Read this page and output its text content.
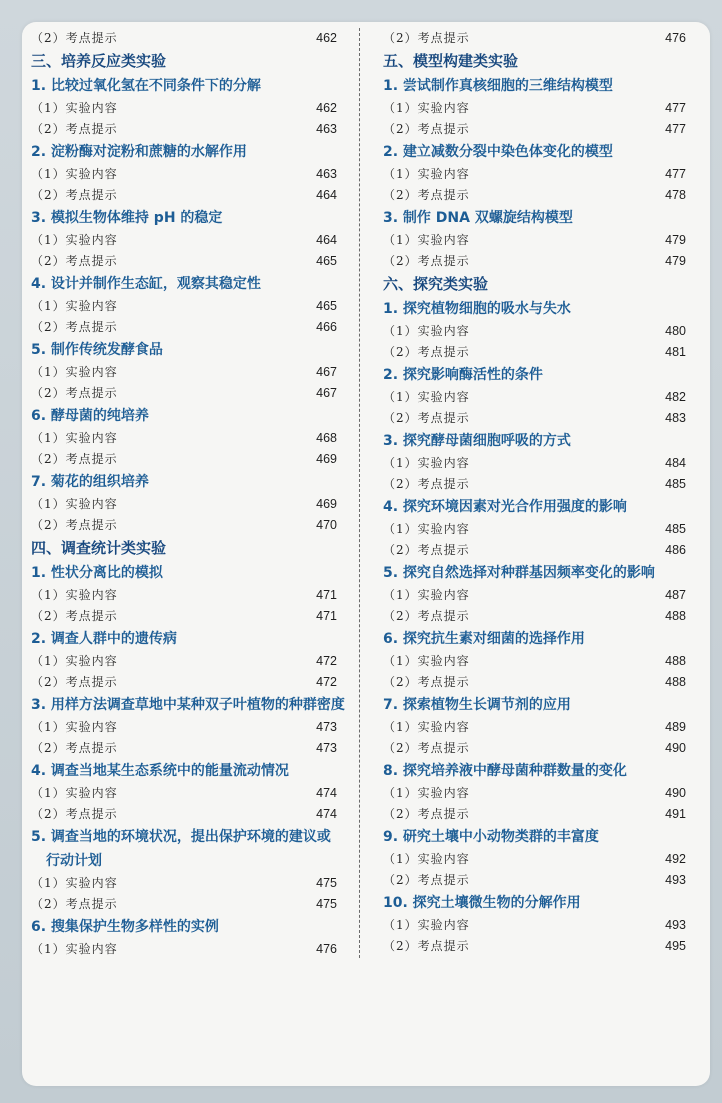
（2）考点提示	462
三、培养反应类实验
1. 比较过氧化氢在不同条件下的分解
（1）实验内容	462
（2）考点提示	463
2. 淀粉酶对淀粉和蔗糖的水解作用
（1）实验内容	463
（2）考点提示	464
3. 模拟生物体维持 pH 的稳定
（1）实验内容	464
（2）考点提示	465
4. 设计并制作生态缸，观察其稳定性
（1）实验内容	465
（2）考点提示	466
5. 制作传统发酵食品
（1）实验内容	467
（2）考点提示	467
6. 酵母菌的纯培养
（1）实验内容	468
（2）考点提示	469
7. 菊花的组织培养
（1）实验内容	469
（2）考点提示	470
四、调查统计类实验
1. 性状分离比的模拟
（1）实验内容	471
（2）考点提示	471
2. 调查人群中的遗传病
（1）实验内容	472
（2）考点提示	472
3. 用样方法调查草地中某种双子叶植物的种群密度
（1）实验内容	473
（2）考点提示	473
4. 调查当地某生态系统中的能量流动情况
（1）实验内容	474
（2）考点提示	474
5. 调查当地的环境状况，提出保护环境的建议或
行动计划
（1）实验内容	475
（2）考点提示	475
6. 搜集保护生物多样性的实例
（1）实验内容	476
（2）考点提示	476
五、模型构建类实验
1. 尝试制作真核细胞的三维结构模型
（1）实验内容	477
（2）考点提示	477
2. 建立减数分裂中染色体变化的模型
（1）实验内容	477
（2）考点提示	478
3. 制作 DNA 双螺旋结构模型
（1）实验内容	479
（2）考点提示	479
六、探究类实验
1. 探究植物细胞的吸水与失水
（1）实验内容	480
（2）考点提示	481
2. 探究影响酶活性的条件
（1）实验内容	482
（2）考点提示	483
3. 探究酵母菌细胞呼吸的方式
（1）实验内容	484
（2）考点提示	485
4. 探究环境因素对光合作用强度的影响
（1）实验内容	485
（2）考点提示	486
5. 探究自然选择对种群基因频率变化的影响
（1）实验内容	487
（2）考点提示	488
6. 探究抗生素对细菌的选择作用
（1）实验内容	488
（2）考点提示	488
7. 探索植物生长调节剂的应用
（1）实验内容	489
（2）考点提示	490
8. 探究培养液中酵母菌种群数量的变化
（1）实验内容	490
（2）考点提示	491
9. 研究土壤中小动物类群的丰富度
（1）实验内容	492
（2）考点提示	493
10. 探究土壤微生物的分解作用
（1）实验内容	493
（2）考点提示	495
